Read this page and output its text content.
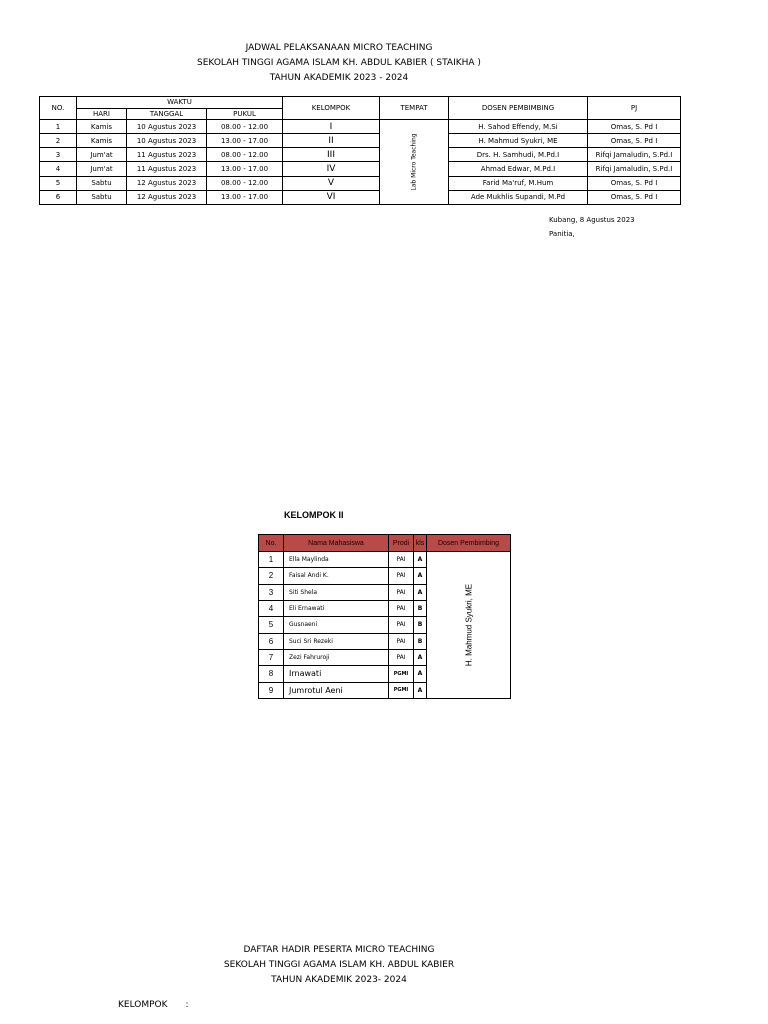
JADWAL PELAKSANAAN MICRO TEACHING
SEKOLAH TINGGI AGAMA ISLAM KH. ABDUL KABIER ( STAIKHA )
TAHUN AKADEMIK 2023 - 2024
NO.	WAKTU			KELOMPOK	TEMPAT	DOSEN PEMBIMBING	PJ
	HARI	TANGGAL	PUKUL				
1	Kamis	10 Agustus 2023	08.00 - 12.00	I	Lab Micro Teaching	H. Sahod Effendy, M.Si	Omas, S. Pd I
2	Kamis	10 Agustus 2023	13.00 - 17.00	II		H. Mahmud Syukri, ME	Omas, S. Pd I
3	Jum'at	11 Agustus 2023	08.00 - 12.00	III		Drs. H. Samhudi, M.Pd.I	Rifqi Jamaludin, S.Pd.I
4	Jum'at	11 Agustus 2023	13.00 - 17.00	IV		Ahmad Edwar, M.Pd.I	Rifqi Jamaludin, S.Pd.I
5	Sabtu	12 Agustus 2023	08.00 - 12.00	V		Farid Ma'ruf, M.Hum	Omas, S. Pd I
6	Sabtu	12 Agustus 2023	13.00 - 17.00	VI		Ade Mukhlis Supandi, M.Pd	Omas, S. Pd I
Kubang, 8 Agustus 2023
Panitia,
KELOMPOK II
No.	Nama Mahasiswa	Prodi	kls	Dosen Pembimbing
1	Ella Maylinda	PAI	A	H. Mahmud Syukri, ME

2	Faisal Andi K.	PAI	A	
3	Siti Shela	PAI	A	
4	Eli Ernawati	PAI	B	
5	Gusnaeni	PAI	B	
6	Suci Sri Rezeki	PAI	B	
7	Zezi Fahruroji	PAI	A	
8	Irnawati	PGMI	A	
9	Jumrotul Aeni	PGMI	A	
DAFTAR HADIR PESERTA MICRO TEACHING
SEKOLAH TINGGI AGAMA ISLAM KH. ABDUL KABIER
TAHUN AKADEMIK 2023- 2024
KELOMPOK :
